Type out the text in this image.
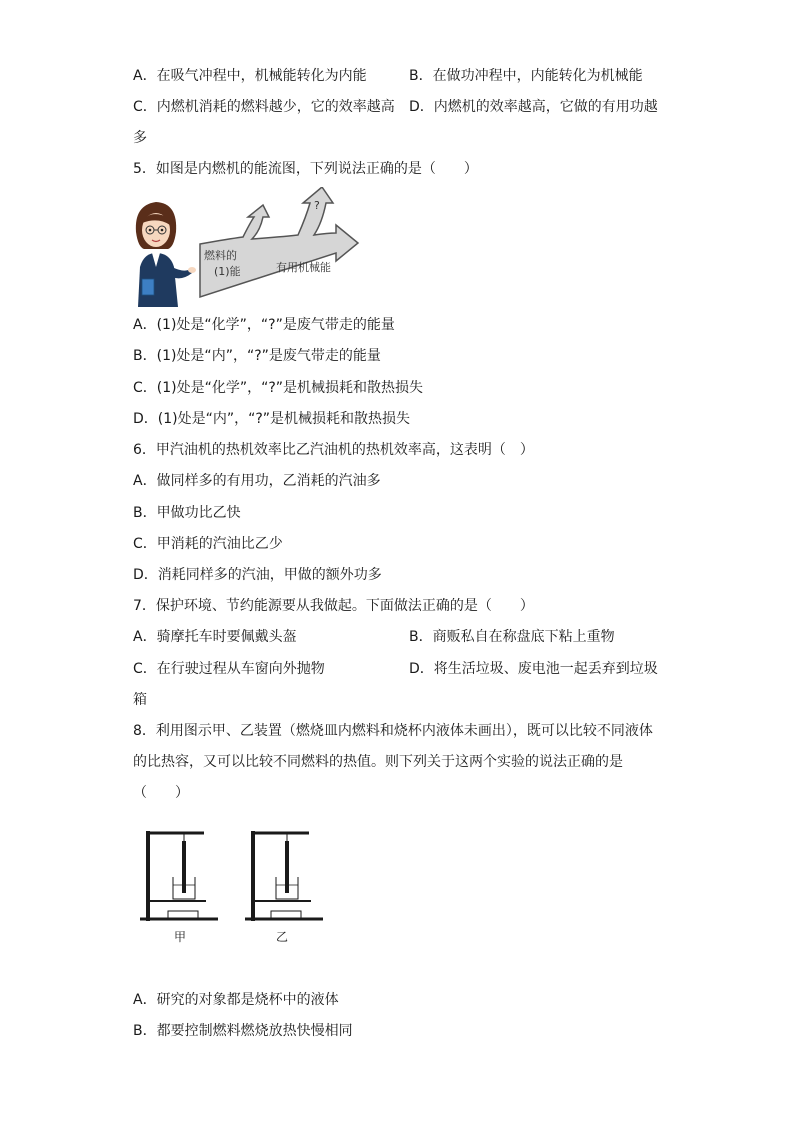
A．在吸气冲程中，机械能转化为内能	B．在做功冲程中，内能转化为机械能
C．内燃机消耗的燃料越少，它的效率越高 D．内燃机的效率越高，它做的有用功越
多
5．如图是内燃机的能流图，下列说法正确的是（　　）
燃料的
(1)能	有用机械能
?
A．(1)处是“化学”，“?”是废气带走的能量
B．(1)处是“内”，“?”是废气带走的能量
C．(1)处是“化学”，“?”是机械损耗和散热损失
D．(1)处是“内”，“?”是机械损耗和散热损失
6．甲汽油机的热机效率比乙汽油机的热机效率高，这表明（　）
A．做同样多的有用功，乙消耗的汽油多
B．甲做功比乙快
C．甲消耗的汽油比乙少
D．消耗同样多的汽油，甲做的额外功多
7．保护环境、节约能源要从我做起。下面做法正确的是（　　）
A．骑摩托车时要佩戴头盔	B．商贩私自在称盘底下粘上重物
C．在行驶过程从车窗向外抛物	D．将生活垃圾、废电池一起丢弃到垃圾
箱
8．利用图示甲、乙装置（燃烧皿内燃料和烧杯内液体未画出），既可以比较不同液体
的比热容，又可以比较不同燃料的热值。则下列关于这两个实验的说法正确的是
（　　）
甲	乙
A．研究的对象都是烧杯中的液体
B．都要控制燃料燃烧放热快慢相同
